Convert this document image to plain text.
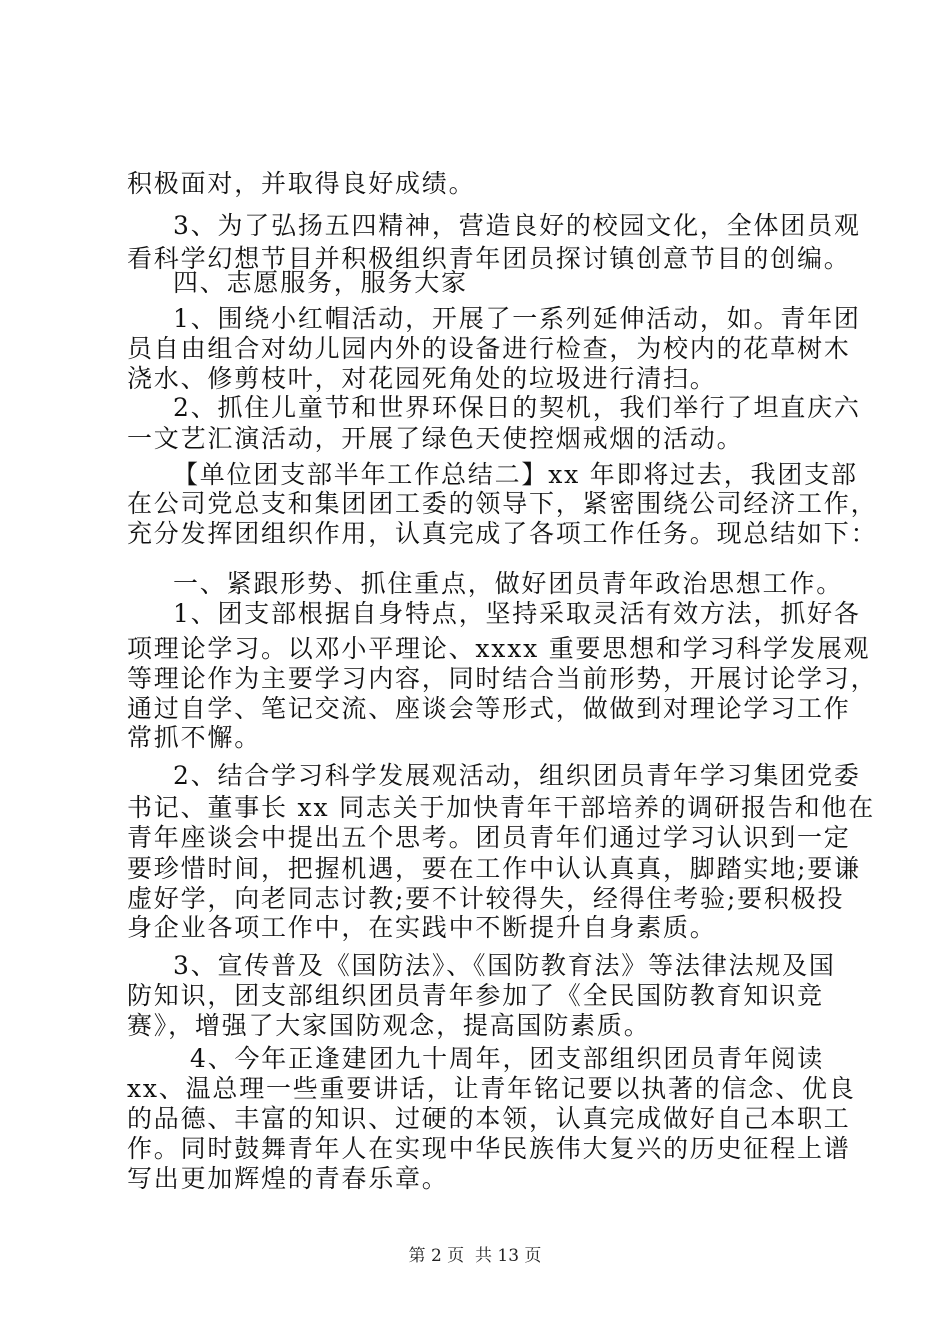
积极面对，并取得良好成绩。
3、为了弘扬五四精神，营造良好的校园文化，全体团员观
看科学幻想节目并积极组织青年团员探讨镇创意节目的创编。
四、志愿服务，服务大家
1、围绕小红帽活动，开展了一系列延伸活动，如。青年团
员自由组合对幼儿园内外的设备进行检查，为校内的花草树木
浇水、修剪枝叶，对花园死角处的垃圾进行清扫。
2、抓住儿童节和世界环保日的契机，我们举行了坦直庆六
一文艺汇演活动，开展了绿色天使控烟戒烟的活动。
【单位团支部半年工作总结二】xx 年即将过去，我团支部
在公司党总支和集团团工委的领导下，紧密围绕公司经济工作，
充分发挥团组织作用，认真完成了各项工作任务。现总结如下：
一、紧跟形势、抓住重点，做好团员青年政治思想工作。
1、团支部根据自身特点，坚持采取灵活有效方法，抓好各
项理论学习。以邓小平理论、xxxx 重要思想和学习科学发展观
等理论作为主要学习内容，同时结合当前形势，开展讨论学习，
通过自学、笔记交流、座谈会等形式，做做到对理论学习工作
常抓不懈。
2、结合学习科学发展观活动，组织团员青年学习集团党委
书记、董事长 xx 同志关于加快青年干部培养的调研报告和他在
青年座谈会中提出五个思考。团员青年们通过学习认识到一定
要珍惜时间，把握机遇，要在工作中认认真真，脚踏实地;要谦
虚好学，向老同志讨教;要不计较得失，经得住考验;要积极投
身企业各项工作中，在实践中不断提升自身素质。
3、宣传普及《国防法》、《国防教育法》等法律法规及国
防知识，团支部组织团员青年参加了《全民国防教育知识竞
赛》，增强了大家国防观念，提高国防素质。
4、今年正逢建团九十周年，团支部组织团员青年阅读
xx、温总理一些重要讲话，让青年铭记要以执著的信念、优良
的品德、丰富的知识、过硬的本领，认真完成做好自己本职工
作。同时鼓舞青年人在实现中华民族伟大复兴的历史征程上谱
写出更加辉煌的青春乐章。
第 2 页 共 13 页
